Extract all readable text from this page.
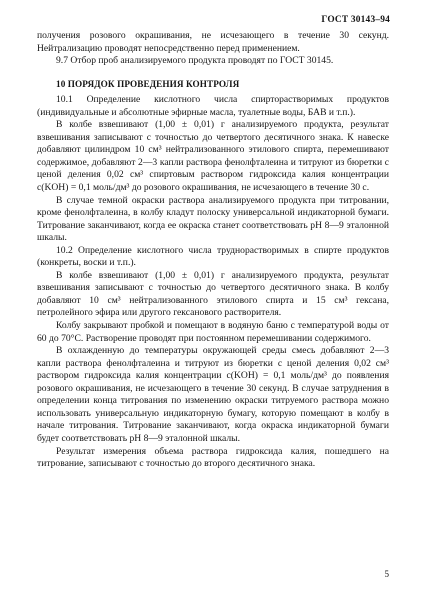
ГОСТ 30143–94

получения розового окрашивания, не исчезающего в течение 30 секунд. Нейтрализацию проводят непосредственно перед применением.

9.7 Отбор проб анализируемого продукта проводят по ГОСТ 30145.

10 ПОРЯДОК ПРОВЕДЕНИЯ КОНТРОЛЯ

10.1 Определение кислотного числа спирторастворимых продуктов (индивидуальные и абсолютные эфирные масла, туалетные воды, БАВ и т.п.).

В колбе взвешивают (1,00 ± 0,01) г анализируемого продукта, результат взвешивания записывают с точностью до четвертого десятичного знака. К навеске добавляют цилиндром 10 см³ нейтрализованного этилового спирта, перемешивают содержимое, добавляют 2—3 капли раствора фенолфталеина и титруют из бюретки с ценой деления 0,02 см³ спиртовым раствором гидроксида калия концентрации c(KOH) = 0,1 моль/дм³ до розового окрашивания, не исчезающего в течение 30 с.

В случае темной окраски раствора анализируемого продукта при титровании, кроме фенолфталеина, в колбу кладут полоску универсальной индикаторной бумаги. Титрование заканчивают, когда ее окраска станет соответствовать pH 8—9 эталонной шкалы.

10.2 Определение кислотного числа труднорастворимых в спирте продуктов (конкреты, воски и т.п.).

В колбе взвешивают (1,00 ± 0,01) г анализируемого продукта, результат взвешивания записывают с точностью до четвертого десятичного знака. В колбу добавляют 10 см³ нейтрализованного этилового спирта и 15 см³ гексана, петролейного эфира или другого гексанового растворителя.

Колбу закрывают пробкой и помещают в водяную баню с температурой воды от 60 до 70°С. Растворение проводят при постоянном перемешивании содержимого.

В охлажденную до температуры окружающей среды смесь добавляют 2—3 капли раствора фенолфталеина и титруют из бюретки с ценой деления 0,02 см³ раствором гидроксида калия концентрации c(KOH) = 0,1 моль/дм³ до появления розового окрашивания, не исчезающего в течение 30 секунд. В случае затруднения в определении конца титрования по изменению окраски титруемого раствора можно использовать универсальную индикаторную бумагу, которую помещают в колбу в начале титрования. Титрование заканчивают, когда окраска индикаторной бумаги будет соответствовать pH 8—9 эталонной шкалы.

Результат измерения объема раствора гидроксида калия, пошедшего на титрование, записывают с точностью до второго десятичного знака.

5
